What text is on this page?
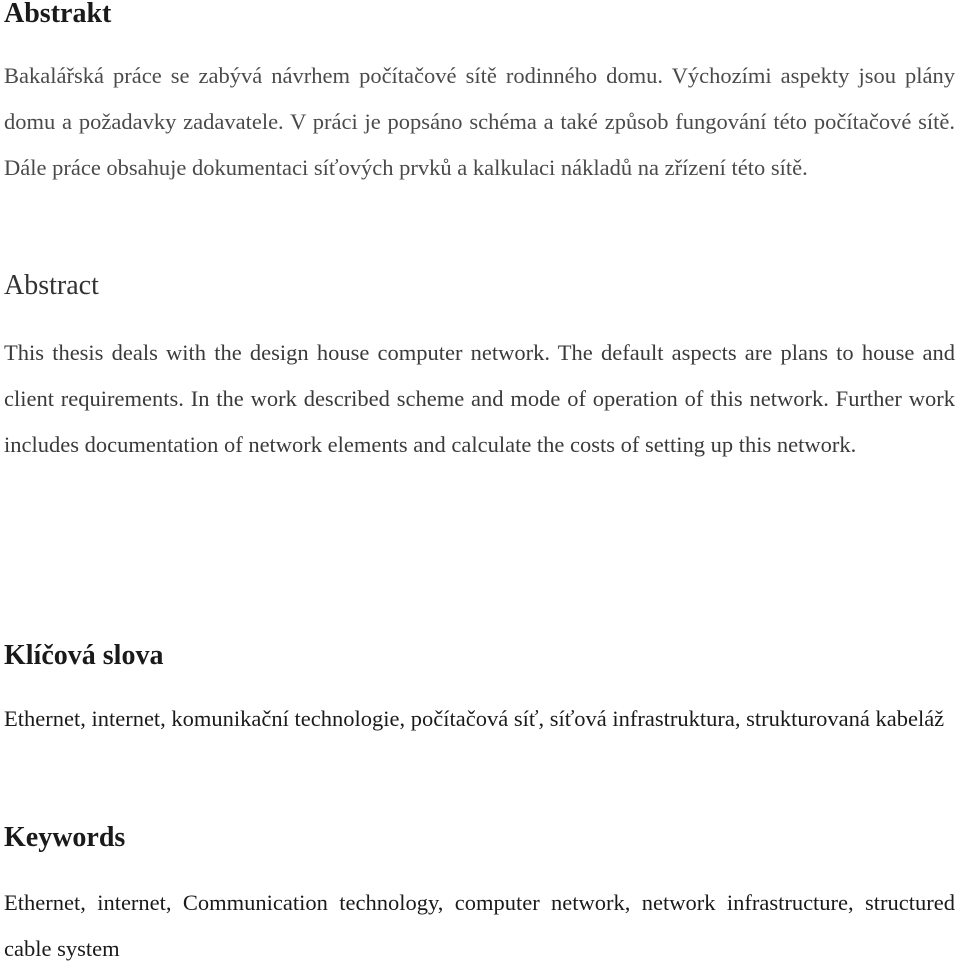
Abstrakt

Bakalářská práce se zabývá návrhem počítačové sítě rodinného domu. Výchozími aspekty jsou plány domu a požadavky zadavatele. V práci je popsáno schéma a také způsob fungování této počítačové sítě. Dále práce obsahuje dokumentaci síťových prvků a kalkulaci nákladů na zřízení této sítě.

Abstract

This thesis deals with the design house computer network. The default aspects are plans to house and client requirements. In the work described scheme and mode of operation of this network. Further work includes documentation of network elements and calculate the costs of setting up this network.

Klíčová slova

Ethernet, internet, komunikační technologie, počítačová síť, síťová infrastruktura, strukturovaná kabeláž

Keywords

Ethernet, internet, Communication technology, computer network, network infrastructure, structured cable system
